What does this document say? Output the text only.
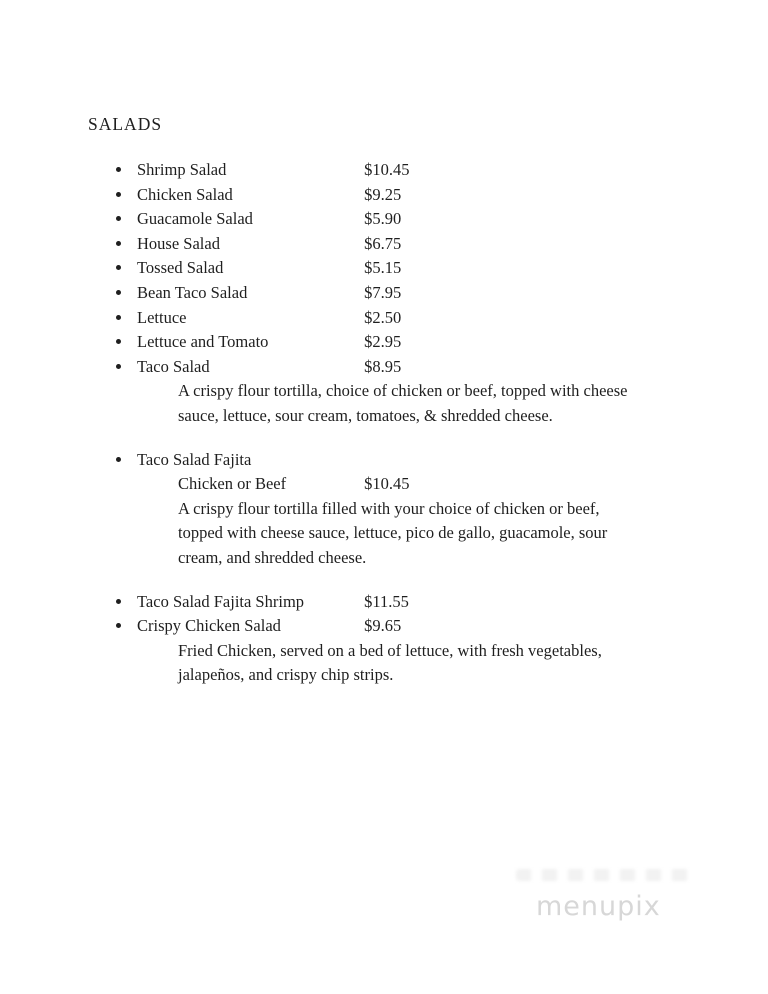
SALADS
Shrimp Salad	$10.45
Chicken Salad	$9.25
Guacamole Salad	$5.90
House Salad	$6.75
Tossed Salad	$5.15
Bean Taco Salad	$7.95
Lettuce	$2.50
Lettuce and Tomato	$2.95
Taco Salad	$8.95
A crispy flour tortilla, choice of chicken or beef, topped with cheese
sauce, lettuce, sour cream, tomatoes, & shredded cheese.
Taco Salad Fajita
Chicken or Beef	$10.45
A crispy flour tortilla filled with your choice of chicken or beef,
topped with cheese sauce, lettuce, pico de gallo, guacamole, sour
cream, and shredded cheese.
Taco Salad Fajita Shrimp	$11.55
Crispy Chicken Salad	$9.65
Fried Chicken, served on a bed of lettuce, with fresh vegetables,
jalapeños, and crispy chip strips.
menupix
